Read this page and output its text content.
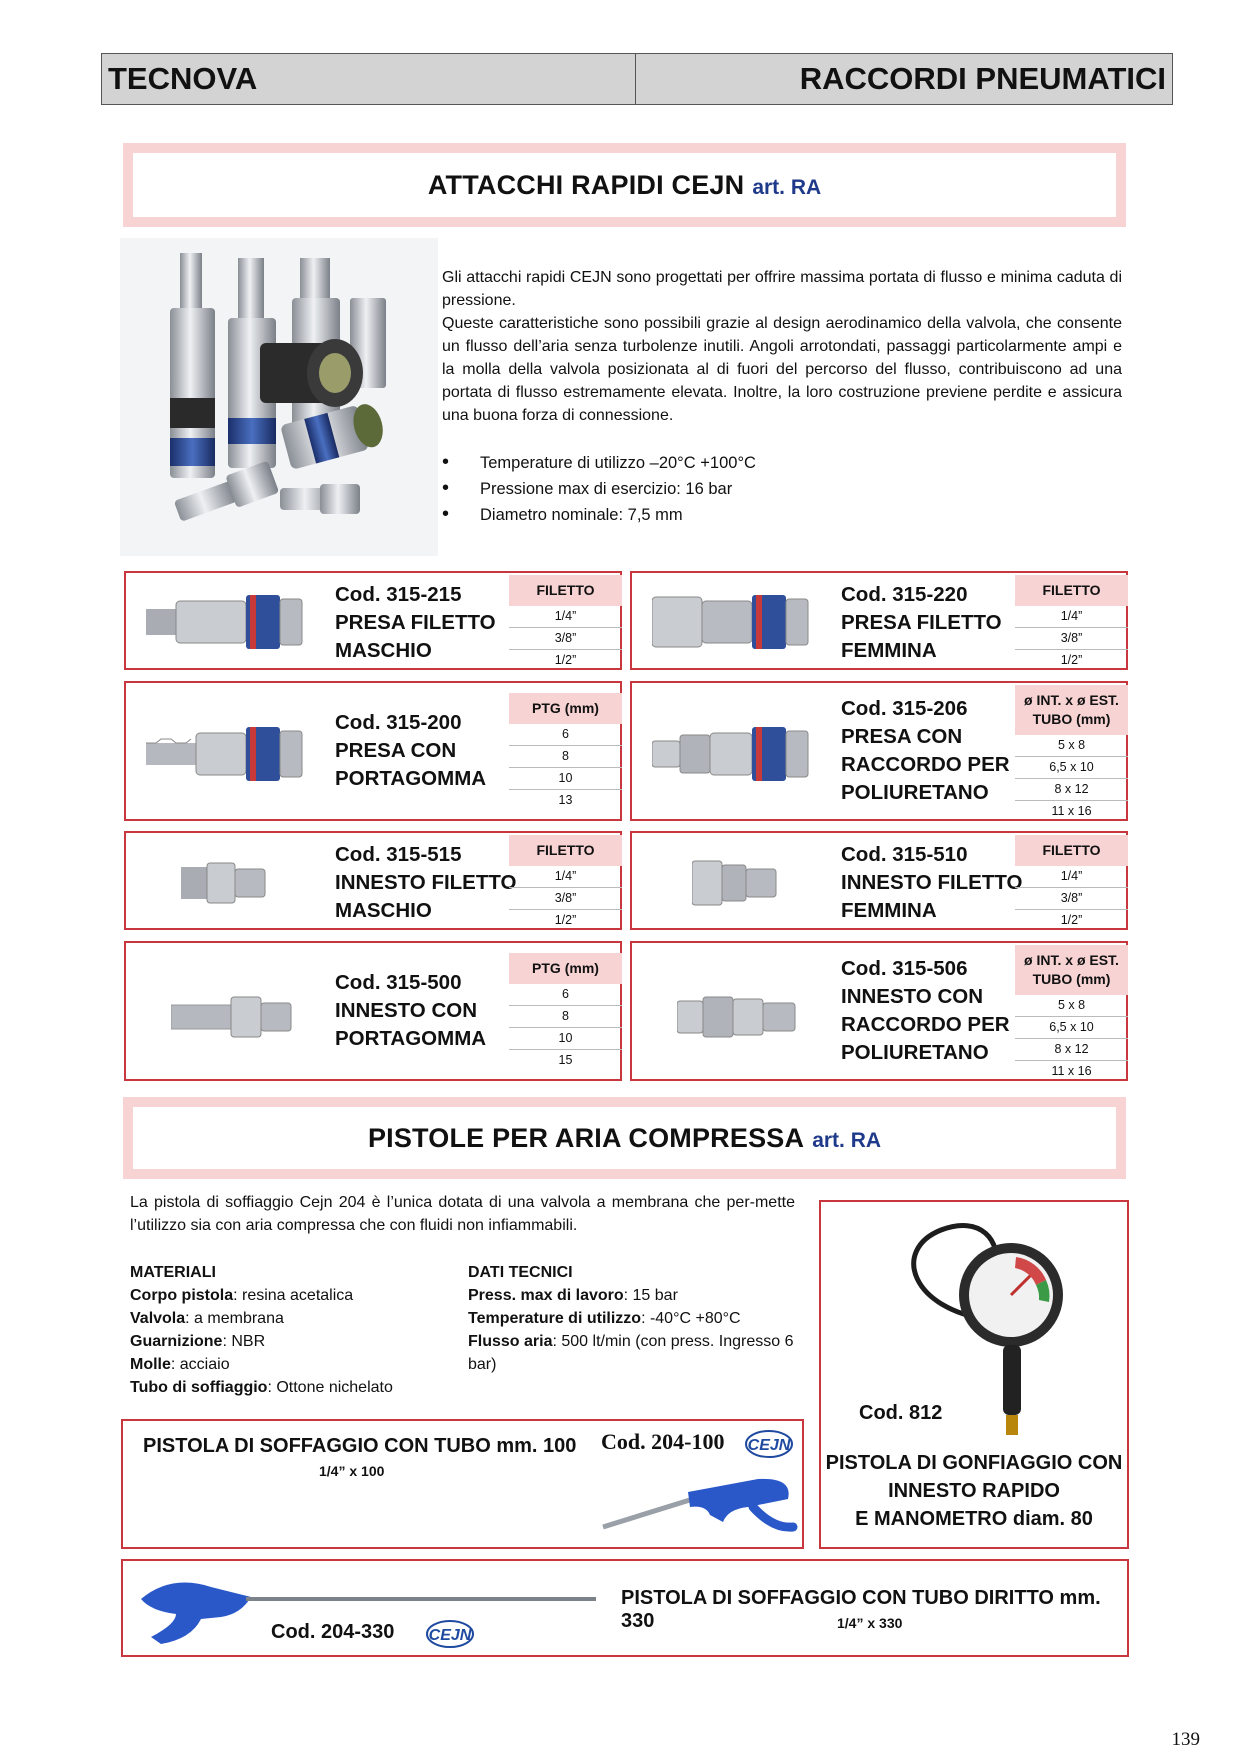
TECNOVA	RACCORDI PNEUMATICI
ATTACCHI RAPIDI CEJN art. RA
Gli attacchi rapidi CEJN sono progettati per offrire massima portata di flusso e minima caduta di pressione.
Queste caratteristiche sono possibili grazie al design aerodinamico della valvola, che consente un flusso dell’aria senza turbolenze inutili. Angoli arrotondati, passaggi particolarmente ampi e la molla della valvola posizionata al di fuori del percorso del flusso, contribuiscono ad una portata di flusso estremamente elevata. Inoltre, la loro costruzione previene perdite e assicura una buona forza di connessione.
• Temperature di utilizzo –20°C +100°C
• Pressione max di esercizio: 16 bar
• Diametro nominale: 7,5 mm
Cod. 315-215
PRESA FILETTO
MASCHIO
FILETTO
1/4”
3/8”
1/2”
Cod. 315-220
PRESA FILETTO
FEMMINA
FILETTO
1/4”
3/8”
1/2”
Cod. 315-200
PRESA CON
PORTAGOMMA
PTG (mm)
6
8
10
13
Cod. 315-206
PRESA CON
RACCORDO PER
POLIURETANO
ø INT. x ø EST. TUBO (mm)
5 x 8
6,5 x 10
8 x 12
11 x 16
Cod. 315-515
INNESTO FILETTO
MASCHIO
FILETTO
1/4”
3/8”
1/2”
Cod. 315-510
INNESTO FILETTO
FEMMINA
FILETTO
1/4”
3/8”
1/2”
Cod. 315-500
INNESTO CON
PORTAGOMMA
PTG (mm)
6
8
10
15
Cod. 315-506
INNESTO CON
RACCORDO PER
POLIURETANO
ø INT. x ø EST. TUBO (mm)
5 x 8
6,5 x 10
8 x 12
11 x 16
PISTOLE PER ARIA COMPRESSA art. RA
La pistola di soffiaggio Cejn 204 è l’unica dotata di una valvola a membrana che per-mette l’utilizzo sia con aria compressa che con fluidi non infiammabili.
MATERIALI
Corpo pistola: resina acetalica
Valvola: a membrana
Guarnizione: NBR
Molle: acciaio
Tubo di soffiaggio: Ottone nichelato
DATI TECNICI
Press. max di lavoro: 15 bar
Temperature di utilizzo: -40°C +80°C
Flusso aria: 500 lt/min (con press. Ingresso 6 bar)
PISTOLA DI SOFFAGGIO CON TUBO mm. 100
1/4” x 100
Cod. 204-100 CEJN
Cod. 812
PISTOLA DI GONFIAGGIO CON
INNESTO RAPIDO
E MANOMETRO diam. 80
Cod. 204-330 CEJN
PISTOLA DI SOFFAGGIO CON TUBO DIRITTO mm. 330	1/4” x 330
139
